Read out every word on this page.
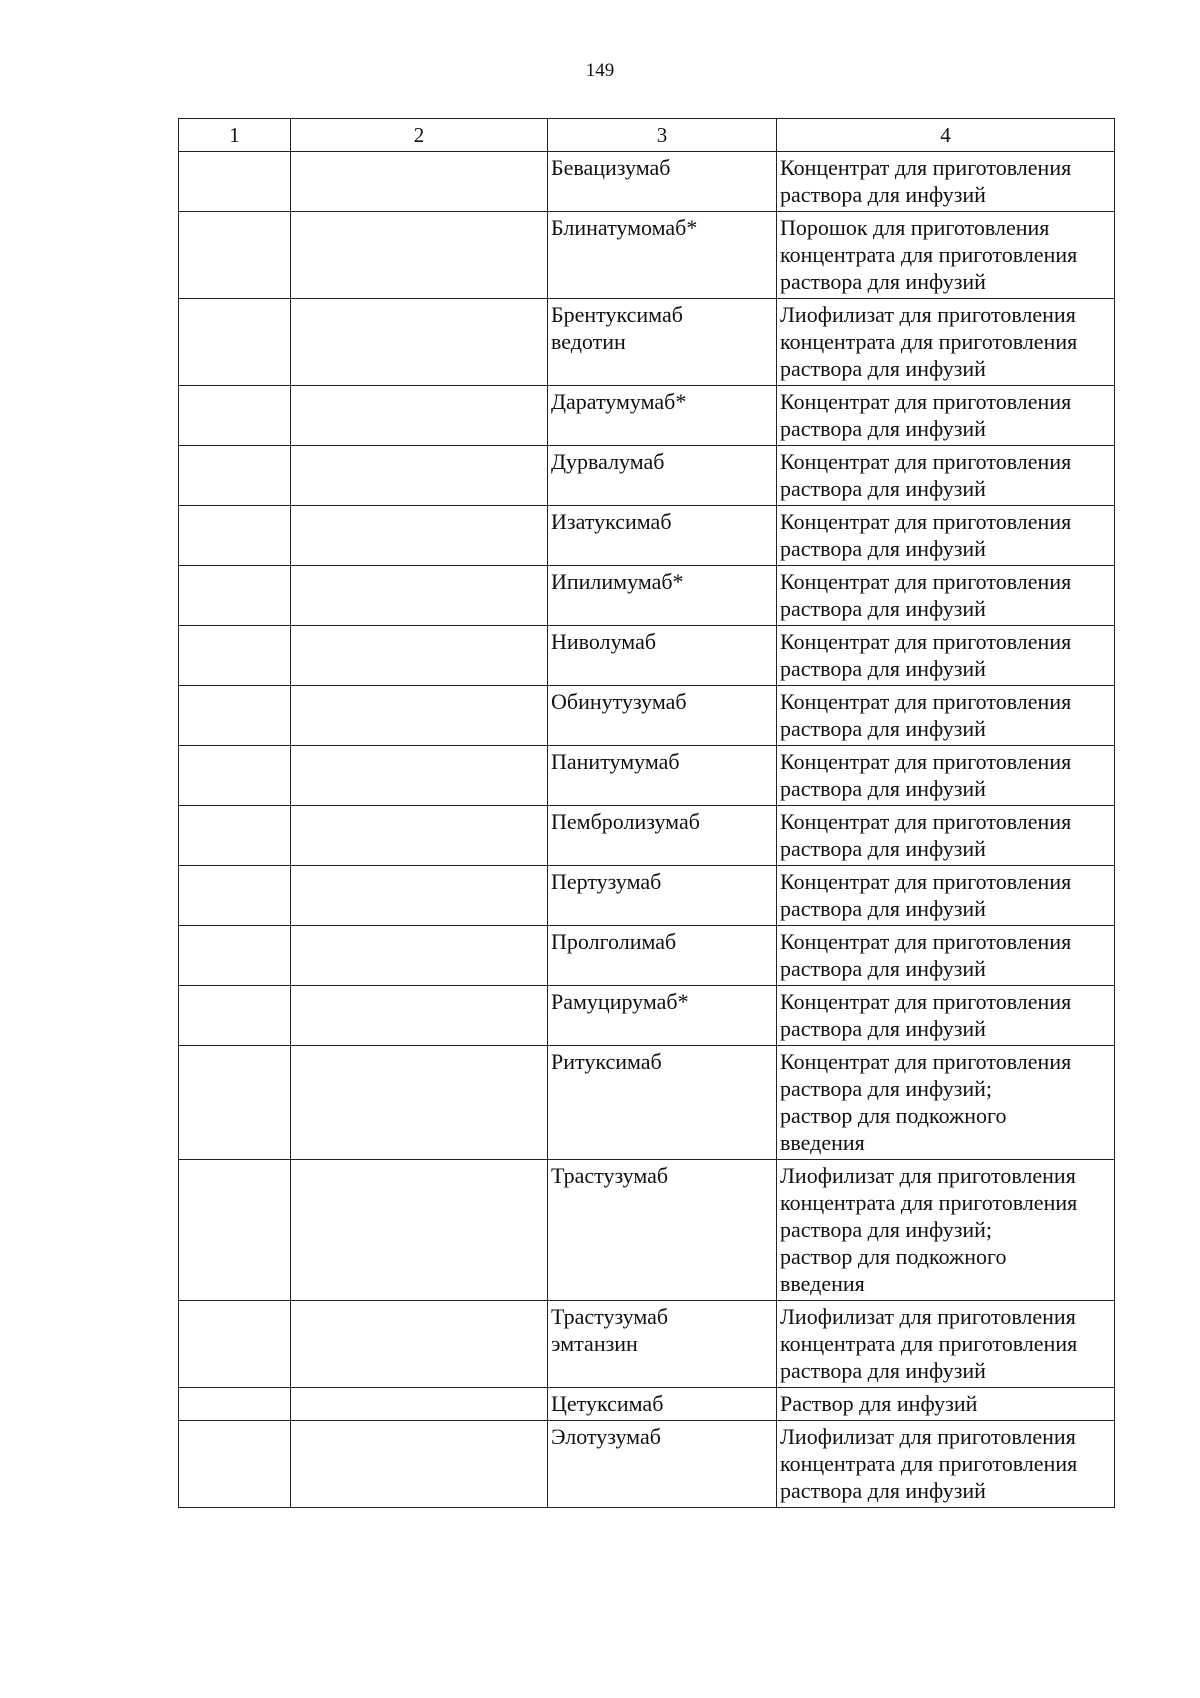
149
1	2	3	4
		Бевацизумаб	Концентрат для приготовления
раствора для инфузий
		Блинатумомаб*	Порошок для приготовления
концентрата для приготовления
раствора для инфузий
		Брентуксимаб
ведотин	Лиофилизат для приготовления
концентрата для приготовления
раствора для инфузий
		Даратумумаб*	Концентрат для приготовления
раствора для инфузий
		Дурвалумаб	Концентрат для приготовления
раствора для инфузий
		Изатуксимаб	Концентрат для приготовления
раствора для инфузий
		Ипилимумаб*	Концентрат для приготовления
раствора для инфузий
		Ниволумаб	Концентрат для приготовления
раствора для инфузий
		Обинутузумаб	Концентрат для приготовления
раствора для инфузий
		Панитумумаб	Концентрат для приготовления
раствора для инфузий
		Пембролизумаб	Концентрат для приготовления
раствора для инфузий
		Пертузумаб	Концентрат для приготовления
раствора для инфузий
		Пролголимаб	Концентрат для приготовления
раствора для инфузий
		Рамуцирумаб*	Концентрат для приготовления
раствора для инфузий
		Ритуксимаб	Концентрат для приготовления
раствора для инфузий;
раствор для подкожного
введения
		Трастузумаб	Лиофилизат для приготовления
концентрата для приготовления
раствора для инфузий;
раствор для подкожного
введения
		Трастузумаб
эмтанзин	Лиофилизат для приготовления
концентрата для приготовления
раствора для инфузий
		Цетуксимаб	Раствор для инфузий
		Элотузумаб	Лиофилизат для приготовления
концентрата для приготовления
раствора для инфузий
